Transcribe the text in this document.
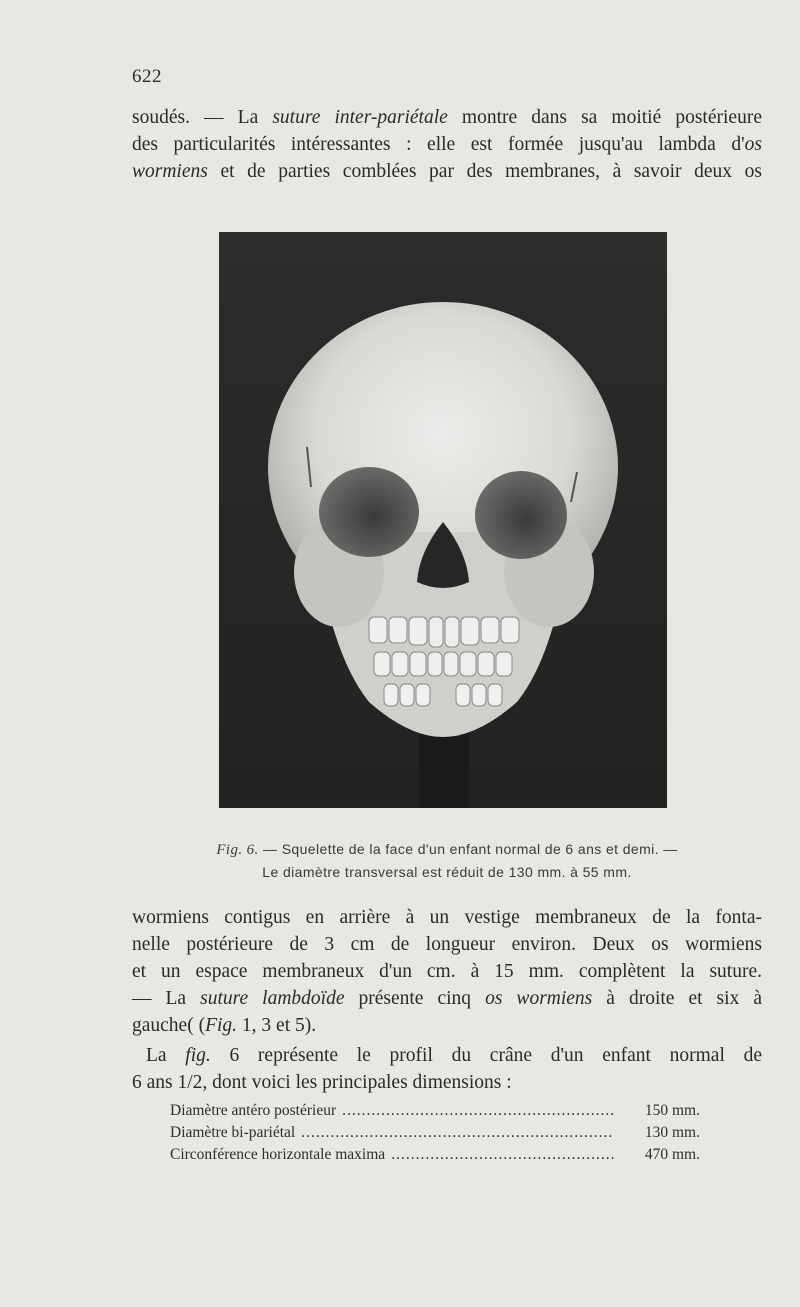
622
soudés. — La suture inter-pariétale montre dans sa moitié postérieure
des particularités intéressantes : elle est formée jusqu'au lambda d'os
wormiens et de parties comblées par des membranes, à savoir deux os
Fig. 6. — Squelette de la face d'un enfant normal de 6 ans et demi. —
Le diamètre transversal est réduit de 130 mm. à 55 mm.
wormiens contigus en arrière à un vestige membraneux de la fonta-
nelle postérieure de 3 cm de longueur environ. Deux os wormiens
et un espace membraneux d'un cm. à 15 mm. complètent la suture.
— La suture lambdoïde présente cinq os wormiens à droite et six à
gauche( (Fig. 1, 3 et 5).
La fig. 6 représente le profil du crâne d'un enfant normal de
6 ans 1/2, dont voici les principales dimensions :
Diamètre antéro postérieur .....	150 mm.
Diamètre bi-pariétal .....	130 mm.
Circonférence horizontale maxima .....	470 mm.
